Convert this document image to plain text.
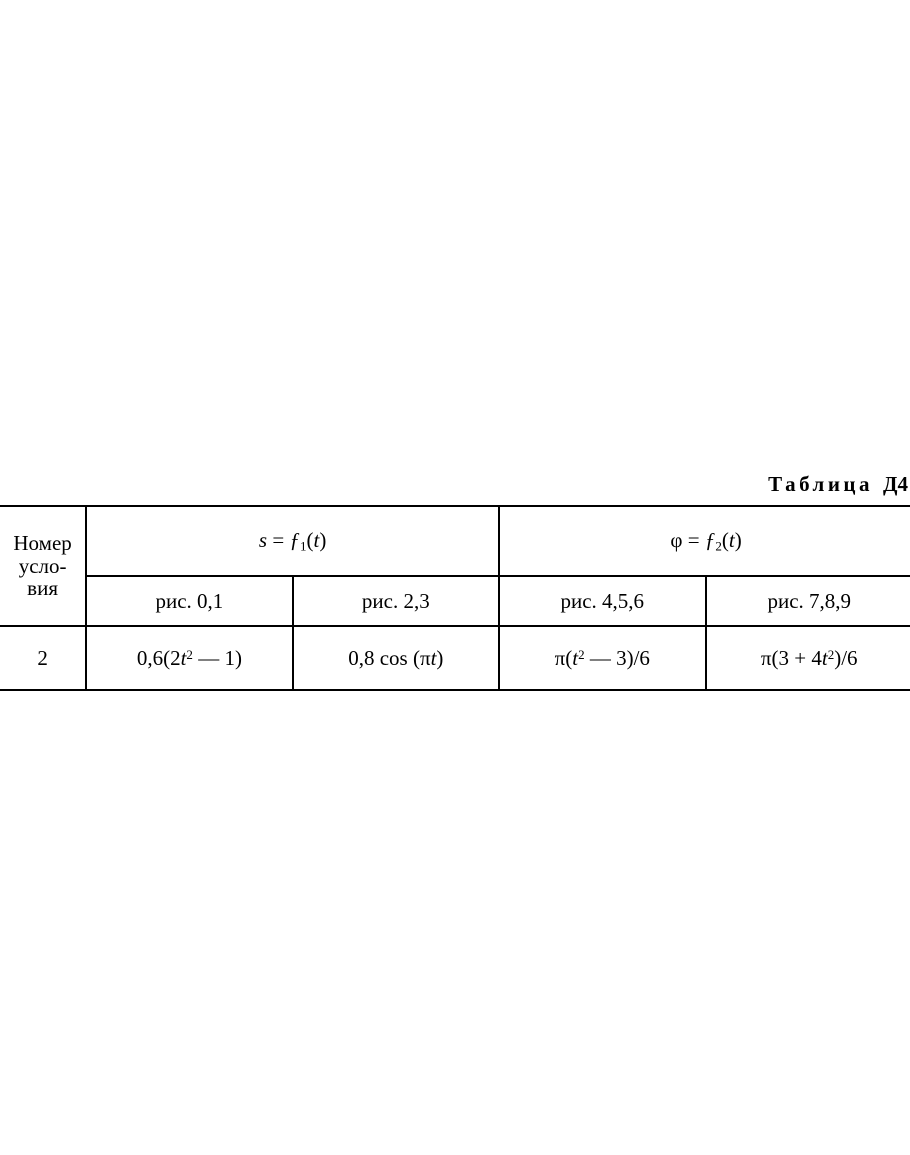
Таблица Д4
Номер
усло-
вия	$s = ƒ_1(t)$		$\varphi = ƒ_2(t)$	
	рис. 0,1	рис. 2,3	рис. 4,5,6	рис. 7,8,9
2	$0,6(2t^2$ — 1)	0,8 cos (πt)	$\pi(t^2$ — 3)/6	$\pi(3 + 4t^2)/6$
